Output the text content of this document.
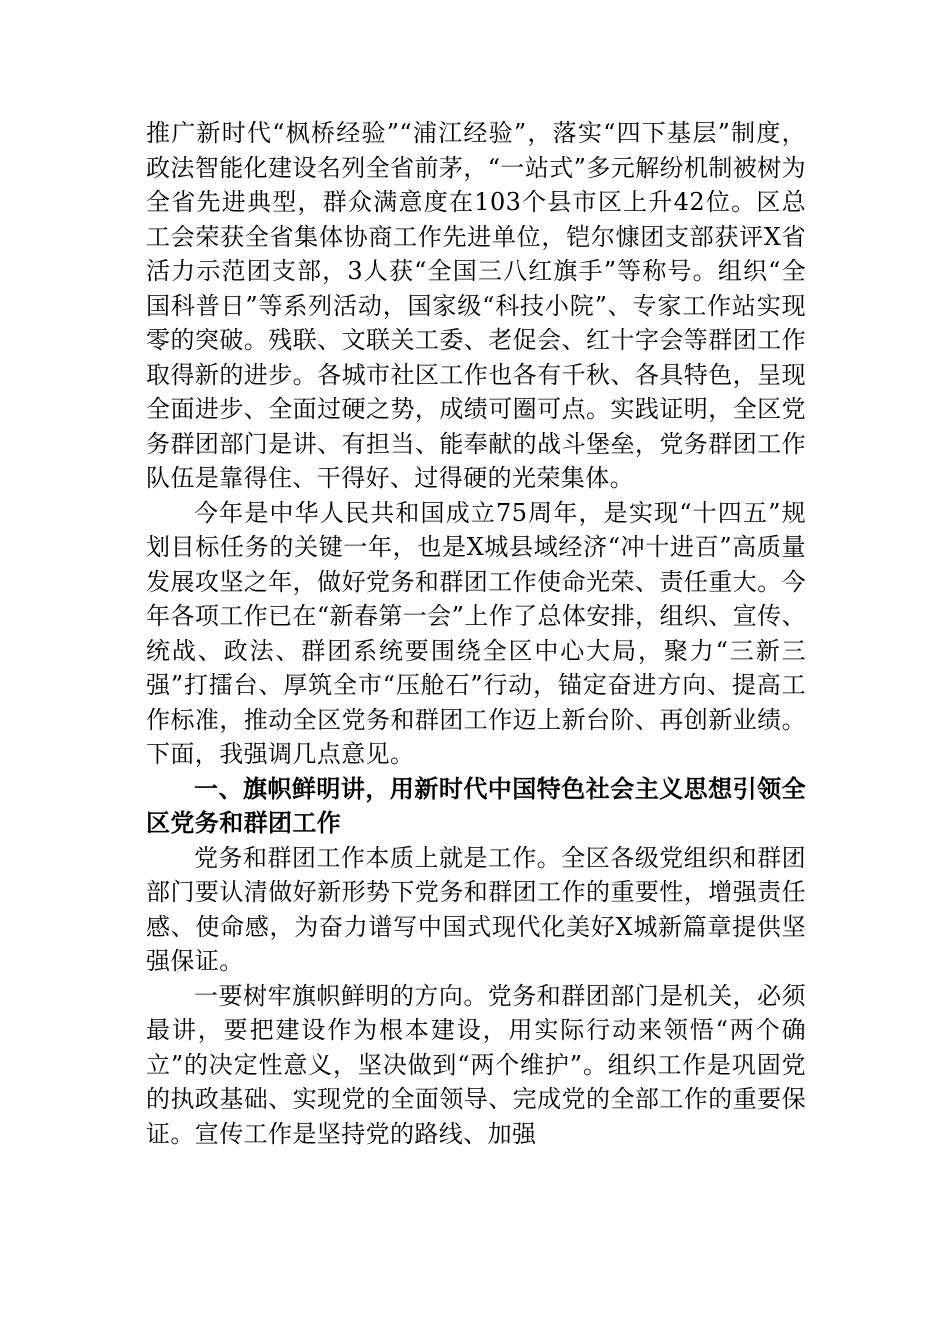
推广新时代“枫桥经验”“浦江经验”，落实“四下基层”制度，政法智能化建设名列全省前茅，“一站式”多元解纷机制被树为全省先进典型，群众满意度在103个县市区上升42位。区总工会荣获全省集体协商工作先进单位，铠尔慷团支部获评X省活力示范团支部，3人获“全国三八红旗手”等称号。组织“全国科普日”等系列活动，国家级“科技小院”、专家工作站实现零的突破。残联、文联关工委、老促会、红十字会等群团工作取得新的进步。各城市社区工作也各有千秋、各具特色，呈现全面进步、全面过硬之势，成绩可圈可点。实践证明，全区党务群团部门是讲、有担当、能奉献的战斗堡垒，党务群团工作队伍是靠得住、干得好、过得硬的光荣集体。

今年是中华人民共和国成立75周年，是实现“十四五”规划目标任务的关键一年，也是X城县域经济“冲十进百”高质量发展攻坚之年，做好党务和群团工作使命光荣、责任重大。今年各项工作已在“新春第一会”上作了总体安排，组织、宣传、统战、政法、群团系统要围绕全区中心大局，聚力“三新三强”打擂台、厚筑全市“压舱石”行动，锚定奋进方向、提高工作标准，推动全区党务和群团工作迈上新台阶、再创新业绩。下面，我强调几点意见。

一、旗帜鲜明讲，用新时代中国特色社会主义思想引领全区党务和群团工作

党务和群团工作本质上就是工作。全区各级党组织和群团部门要认清做好新形势下党务和群团工作的重要性，增强责任感、使命感，为奋力谱写中国式现代化美好X城新篇章提供坚强保证。

一要树牢旗帜鲜明的方向。党务和群团部门是机关，必须最讲，要把建设作为根本建设，用实际行动来领悟“两个确立”的决定性意义，坚决做到“两个维护”。组织工作是巩固党的执政基础、实现党的全面领导、完成党的全部工作的重要保证。宣传工作是坚持党的路线、加强
